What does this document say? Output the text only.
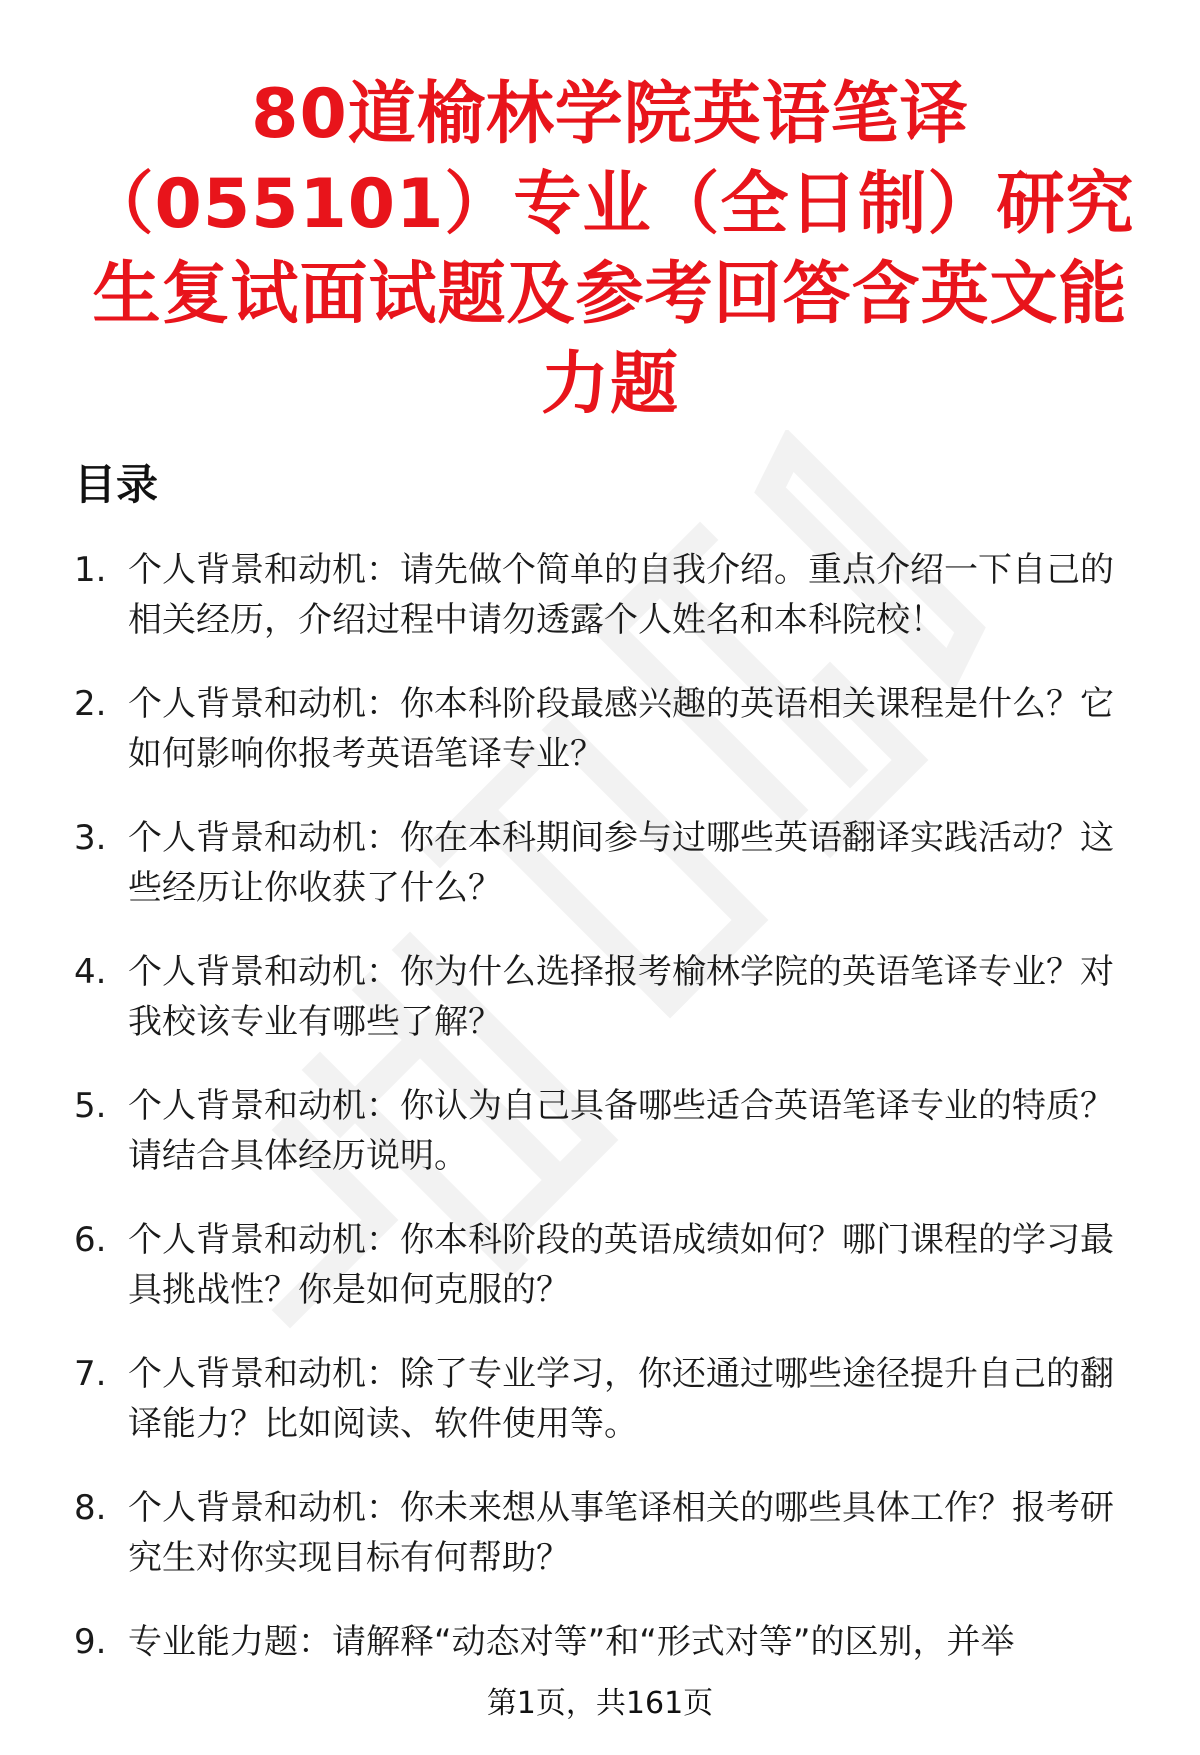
80道榆林学院英语笔译（055101）专业（全日制）研究生复试面试题及参考回答含英文能力题
目录
1. 个人背景和动机：请先做个简单的自我介绍。重点介绍一下自己的相关经历，介绍过程中请勿透露个人姓名和本科院校！
2. 个人背景和动机：你本科阶段最感兴趣的英语相关课程是什么？它如何影响你报考英语笔译专业？
3. 个人背景和动机：你在本科期间参与过哪些英语翻译实践活动？这些经历让你收获了什么？
4. 个人背景和动机：你为什么选择报考榆林学院的英语笔译专业？对我校该专业有哪些了解？
5. 个人背景和动机：你认为自己具备哪些适合英语笔译专业的特质？请结合具体经历说明。
6. 个人背景和动机：你本科阶段的英语成绩如何？哪门课程的学习最具挑战性？你是如何克服的？
7. 个人背景和动机：除了专业学习，你还通过哪些途径提升自己的翻译能力？比如阅读、软件使用等。
8. 个人背景和动机：你未来想从事笔译相关的哪些具体工作？报考研究生对你实现目标有何帮助？
9. 专业能力题：请解释“动态对等”和“形式对等”的区别，并举
第1页，共161页
